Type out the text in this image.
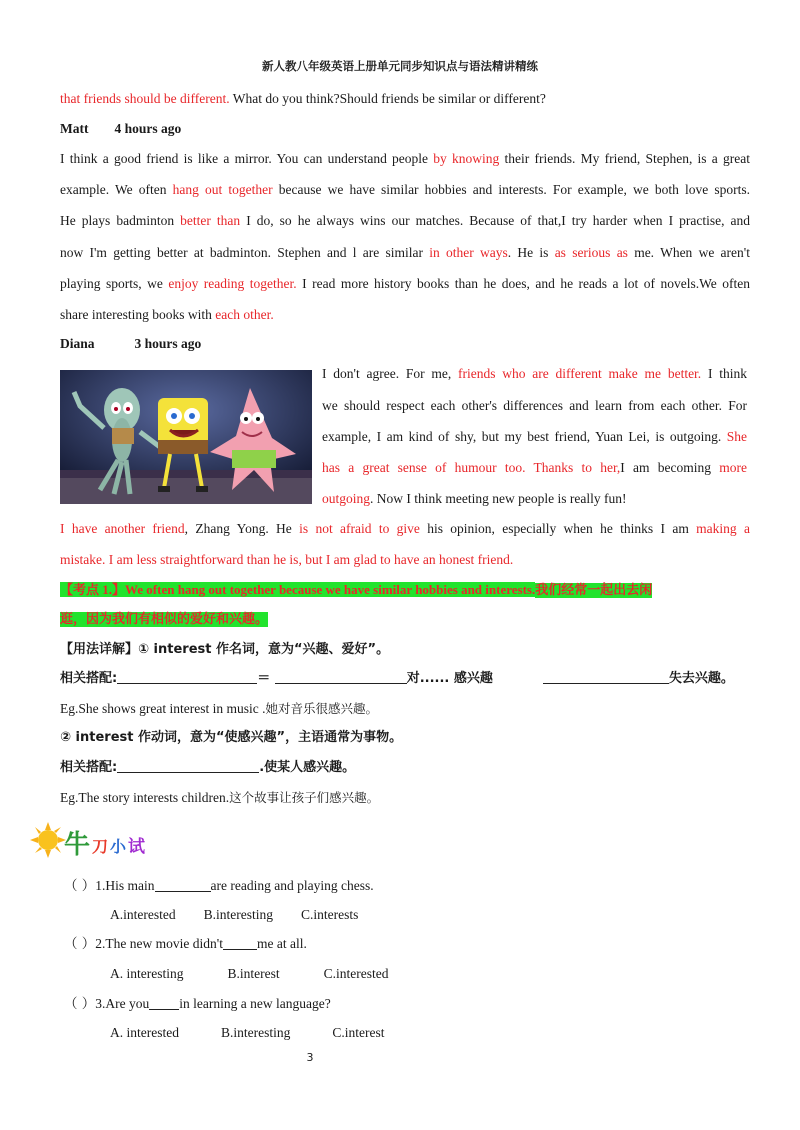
新人教八年级英语上册单元同步知识点与语法精讲精练
that friends should be different. What do you think?Should friends be similar or different?
Matt 4 hours ago
I think a good friend is like a mirror. You can understand people by knowing their friends. My friend, Stephen, is a great
example. We often hang out together because we have similar hobbies and interests. For example, we both love sports.
He plays badminton better than I do, so he always wins our matches. Because of that,I try harder when I practise, and
now I'm getting better at badminton. Stephen and l are similar in other ways. He is as serious as me. When we aren't
playing sports, we enjoy reading together. I read more history books than he does, and he reads a lot of novels.We often
share interesting books with each other.
Diana	3 hours ago
I don't agree. For me, friends who are different make me better. I think
we should respect each other's differences and learn from each other. For
example, I am kind of shy, but my best friend, Yuan Lei, is outgoing. She
has a great sense of humour too. Thanks to her,I am becoming more
outgoing. Now I think meeting new people is really fun!
I have another friend, Zhang Yong. He is not afraid to give his opinion, especially when he thinks I am making a
mistake. I am less straightforward than he is, but I am glad to have an honest friend.
【考点 1.】We often hang out together because we have similar hobbies and interests.我们经常一起出去闲
逛，因为我们有相似的爱好和兴趣。
【用法详解】① interest 作名词，意为“兴趣、爱好”。
相关搭配:	＝	对...... 感兴趣	失去兴趣。
Eg.She shows great interest in music .她对音乐很感兴趣。
② interest 作动词，意为“使感兴趣”，主语通常为事物。
相关搭配:	.使某人感兴趣。
Eg.The story interests children.这个故事让孩子们感兴趣。
牛 刀 小 试
（ ）1.His main	are reading and playing chess.
A.interested B.interesting C.interests
（ ）2.The new movie didn't	me at all.
A. interesting	B.interest	C.interested
（ ）3.Are you in learning a new language?
A. interested	B.interesting	C.interest
3
